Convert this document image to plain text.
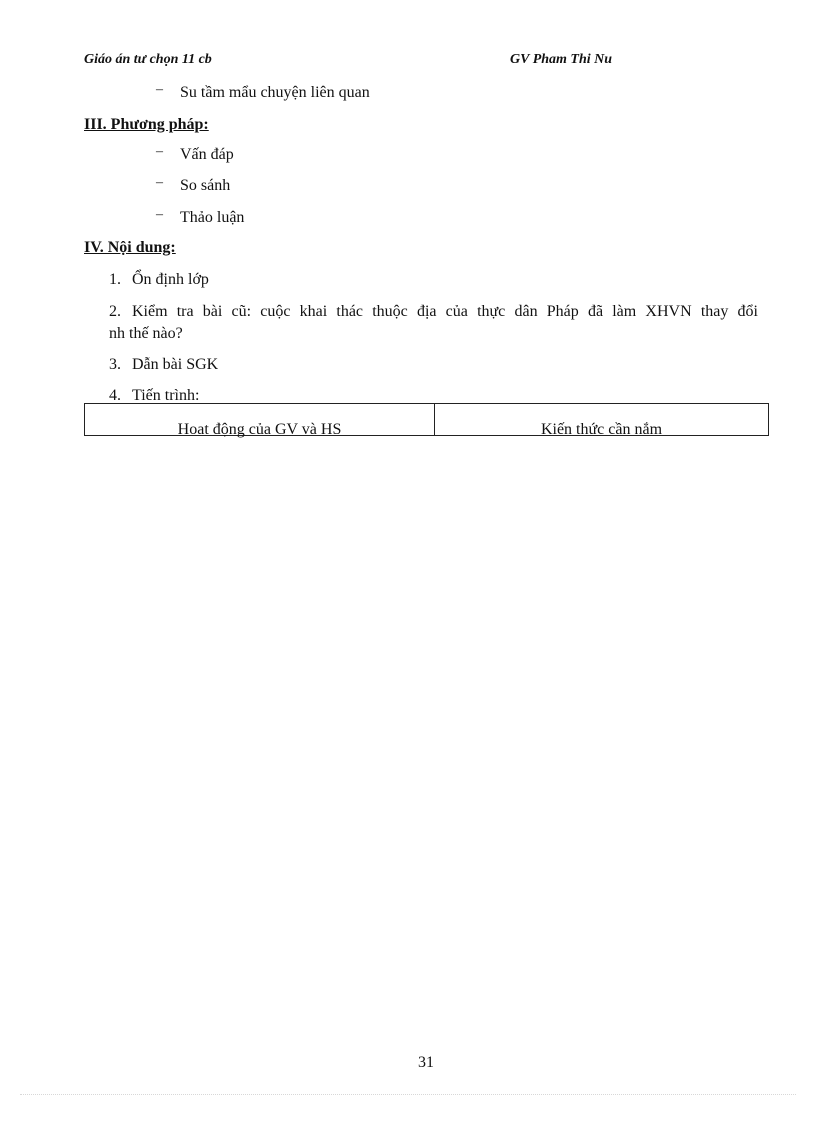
Giáo án tư chọn 11 cb	GV Pham Thi Nu
– Su tầm mẩu chuyện liên quan
III. Phương pháp:
– Vấn đáp
– So sánh
– Thảo luận
IV. Nội dung:
1. Ổn định lớp
2. Kiểm tra bài cũ: cuộc khai thác thuộc địa của thực dân Pháp đã làm XHVN thay đổi
nh thế nào?
3. Dẫn bài SGK
4. Tiến trình:
Hoat động của GV và HS	Kiến thức cần nắm
31
